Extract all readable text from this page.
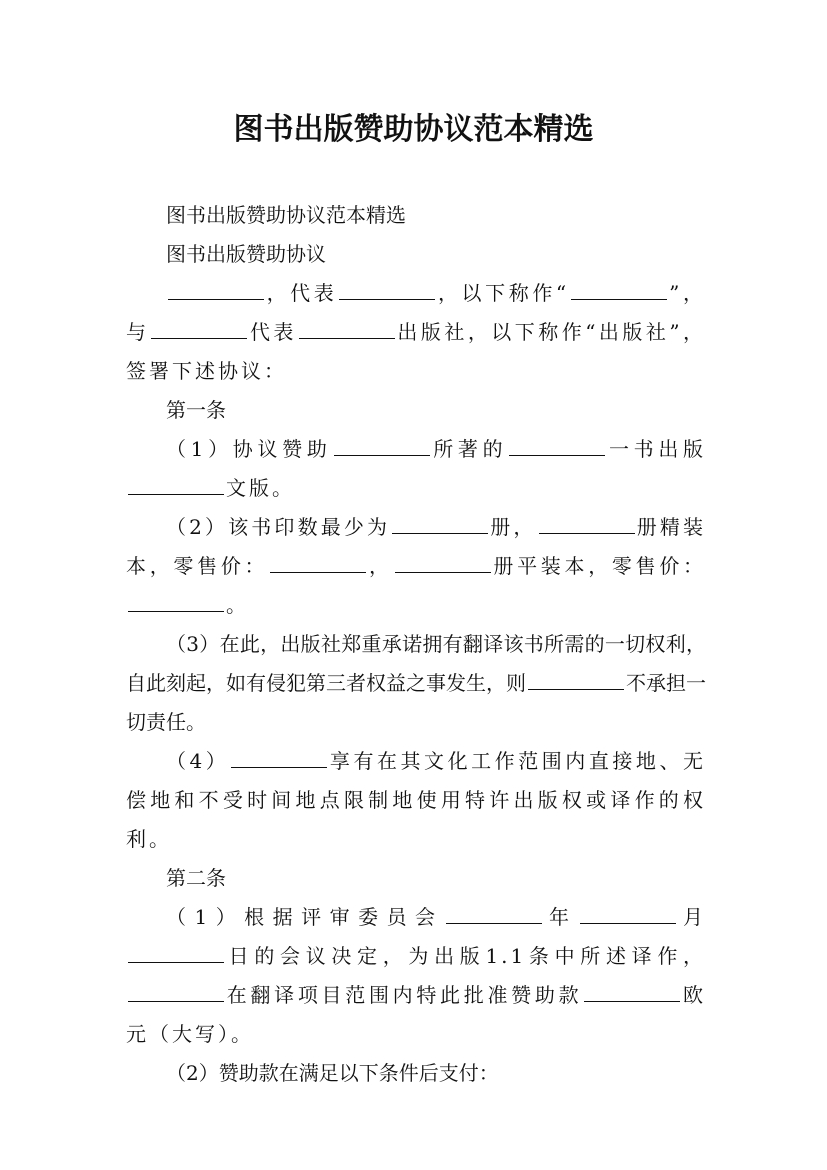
图书出版赞助协议范本精选

图书出版赞助协议范本精选

图书出版赞助协议

，代表	，以下称作“	”，与	代表	出版社，以下称作“出版社”，签署下述协议：

第一条

（1）协议赞助	所著的	一书出版文版。

（2）该书印数最少为	册，	册精装本，零售价：	，	册平装本，零售价：。

（3）在此，出版社郑重承诺拥有翻译该书所需的一切权利，自此刻起，如有侵犯第三者权益之事发生，则	不承担一切责任。

（4）	享有在其文化工作范围内直接地、无偿地和不受时间地点限制地使用特许出版权或译作的权利。

第二条

（1）根据评审委员会	年	月日的会议决定，为出版1.1条中所述译作，在翻译项目范围内特此批准赞助款	欧元（大写）。

（2）赞助款在满足以下条件后支付：
